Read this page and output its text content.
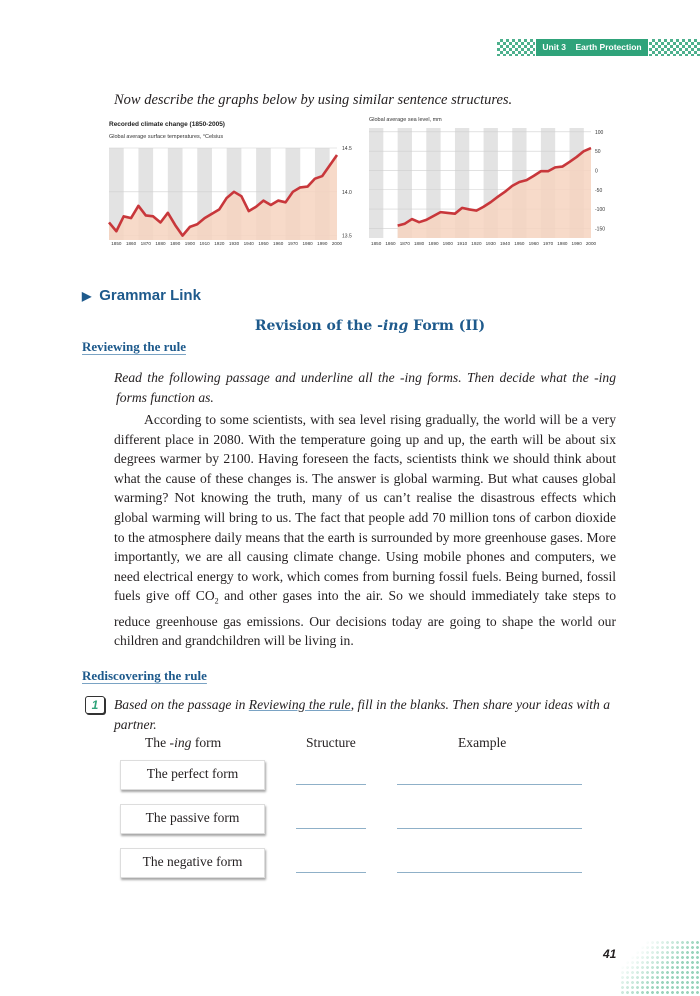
Unit 3    Earth Protection
Now describe the graphs below by using similar sentence structures.
Recorded climate change (1850-2005)
Global average surface temperatures, °Celsius
14.5
14.0
13.5
1850 1860 1870 1880 1890 1900 1910 1920 1930 1940 1950 1960 1970 1980 1990 2000
Global average sea level, mm
100
50
0
-50
-100
-150
1850 1860 1870 1880 1890 1900 1910 1920 1930 1940 1950 1960 1970 1980 1990 2000
▶ Grammar Link
Revision of the -ing Form (II)
Reviewing the rule
Read the following passage and underline all the -ing forms. Then decide what the -ing
forms function as.
According to some scientists, with sea level rising gradually, the world will be a very different place in 2080. With the temperature going up and up, the earth will be about six degrees warmer by 2100. Having foreseen the facts, scientists think we should think about what the cause of these changes is. The answer is global warming. But what causes global warming? Not knowing the truth, many of us can’t realise the disastrous effects which global warming will bring to us. The fact that people add 70 million tons of carbon dioxide to the atmosphere daily means that the earth is surrounded by more greenhouse gases. More importantly, we are all causing climate change. Using mobile phones and computers, we need electrical energy to work, which comes from burning fossil fuels. Being burned, fossil fuels give off $CO_2$ and other gases into the air. So we should immediately take steps to reduce greenhouse gas emissions. Our decisions today are going to shape the world our children and grandchildren will be living in.
Rediscovering the rule
1	Based on the passage in Reviewing the rule, fill in the blanks. Then share your ideas with a partner.
The -ing form	Structure	Example
The perfect form
The passive form
The negative form
41
